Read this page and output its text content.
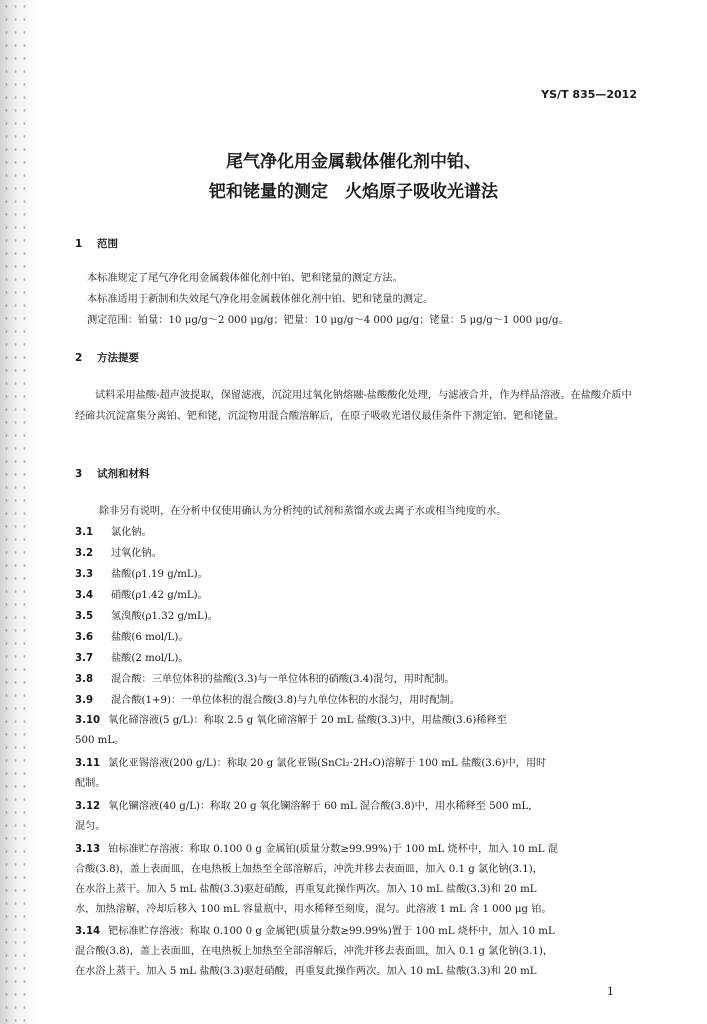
YS/T 835—2012
尾气净化用金属载体催化剂中铂、
钯和铑量的测定　火焰原子吸收光谱法
1 范围
本标准规定了尾气净化用金属载体催化剂中铂、钯和铑量的测定方法。
本标准适用于新制和失效尾气净化用金属载体催化剂中铂、钯和铑量的测定。
测定范围：铂量：10 μg/g～2 000 μg/g；钯量：10 μg/g～4 000 μg/g；铑量：5 μg/g～1 000 μg/g。
2 方法提要
试料采用盐酸-超声波提取，保留滤液，沉淀用过氧化钠熔融-盐酸酸化处理，与滤液合并，作为样品溶液。在盐酸介质中经碲共沉淀富集分离铂、钯和铑，沉淀物用混合酸溶解后，在原子吸收光谱仪最佳条件下测定铂、钯和铑量。
3 试剂和材料
除非另有说明，在分析中仅使用确认为分析纯的试剂和蒸馏水或去离子水或相当纯度的水。
3.1 氯化钠。
3.2 过氧化钠。
3.3 盐酸(ρ1.19 g/mL)。
3.4 硝酸(ρ1.42 g/mL)。
3.5 氢溴酸(ρ1.32 g/mL)。
3.6 盐酸(6 mol/L)。
3.7 盐酸(2 mol/L)。
3.8 混合酸：三单位体积的盐酸(3.3)与一单位体积的硝酸(3.4)混匀，用时配制。
3.9 混合酸(1+9)：一单位体积的混合酸(3.8)与九单位体积的水混匀，用时配制。
3.10 氧化碲溶液(5 g/L)：称取 2.5 g 氧化碲溶解于 20 mL 盐酸(3.3)中，用盐酸(3.6)稀释至
500 mL。
3.11 氯化亚锡溶液(200 g/L)：称取 20 g 氯化亚锡(SnCl₂·2H₂O)溶解于 100 mL 盐酸(3.6)中，用时
配制。
3.12 氧化镧溶液(40 g/L)：称取 20 g 氧化镧溶解于 60 mL 混合酸(3.8)中，用水稀释至 500 mL，
混匀。
3.13 铂标准贮存溶液：称取 0.100 0 g 金属铂(质量分数≥99.99%)于 100 mL 烧杯中，加入 10 mL 混
合酸(3.8)，盖上表面皿，在电热板上加热至全部溶解后，冲洗并移去表面皿，加入 0.1 g 氯化钠(3.1)，
在水浴上蒸干。加入 5 mL 盐酸(3.3)驱赶硝酸，再重复此操作两次。加入 10 mL 盐酸(3.3)和 20 mL
水，加热溶解，冷却后移入 100 mL 容量瓶中，用水稀释至刻度，混匀。此溶液 1 mL 含 1 000 μg 铂。
3.14 钯标准贮存溶液：称取 0.100 0 g 金属钯(质量分数≥99.99%)置于 100 mL 烧杯中，加入 10 mL
混合酸(3.8)，盖上表面皿，在电热板上加热至全部溶解后，冲洗并移去表面皿，加入 0.1 g 氯化钠(3.1)，
在水浴上蒸干。加入 5 mL 盐酸(3.3)驱赶硝酸，再重复此操作两次。加入 10 mL 盐酸(3.3)和 20 mL
1
